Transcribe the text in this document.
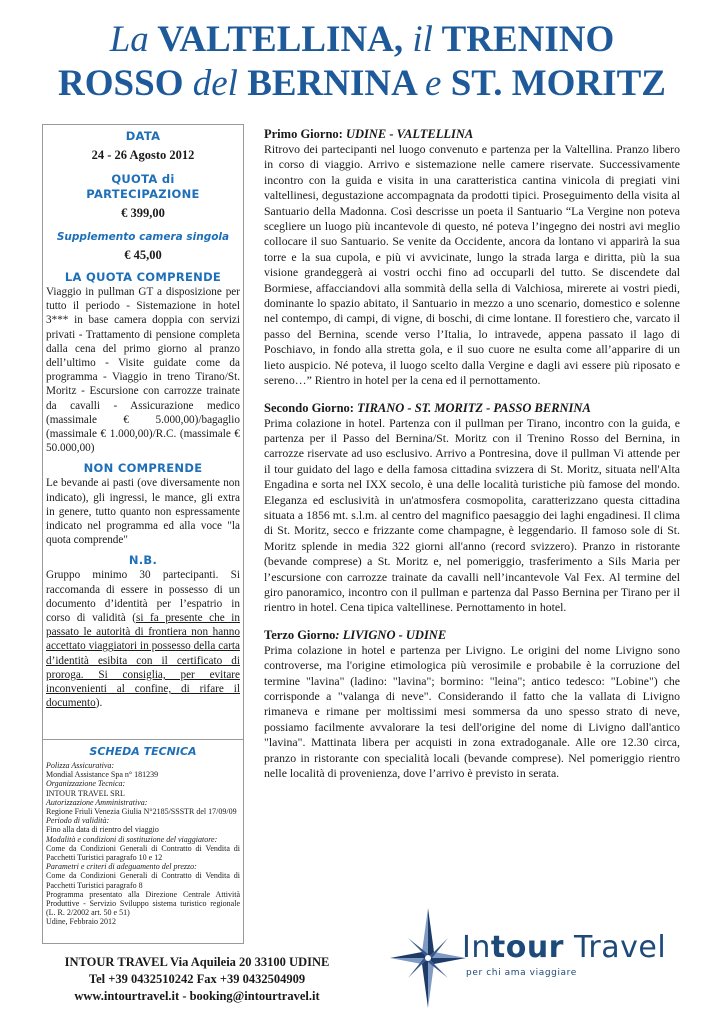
La VALTELLINA, il TRENINO
ROSSO del BERNINA e ST. MORITZ
DATA
24 - 26 Agosto 2012
QUOTA di PARTECIPAZIONE
€ 399,00
Supplemento camera singola
€ 45,00
LA QUOTA COMPRENDE
Viaggio in pullman GT a disposizione per tutto il periodo - Sistemazione in hotel 3*** in base camera doppia con servizi privati - Trattamento di pensione completa dalla cena del primo giorno al pranzo dell’ultimo - Visite guidate come da programma - Viaggio in treno Tirano/St. Moritz - Escursione con carrozze trainate da cavalli - Assicurazione medico (massimale € 5.000,00)/bagaglio (massimale € 1.000,00)/R.C. (massimale € 50.000,00)
NON COMPRENDE
Le bevande ai pasti (ove diversamente non indicato), gli ingressi, le mance, gli extra in genere, tutto quanto non espressamente indicato nel programma ed alla voce "la quota comprende"
N.B.
Gruppo minimo 30 partecipanti. Si raccomanda di essere in possesso di un documento d’identità per l’espatrio in corso di validità (si fa presente che in passato le autorità di frontiera non hanno accettato viaggiatori in possesso della carta d’identità esibita con il certificato di proroga. Si consiglia, per evitare inconvenienti al confine, di rifare il documento).
SCHEDA TECNICA
Polizza Assicurativa:
Mondial Assistance Spa n° 181239
Organizzazione Tecnica:
INTOUR TRAVEL SRL
Autorizzazione Amministrativa:
Regione Friuli Venezia Giulia N°2185/SSSTR del 17/09/09
Periodo di validità:
Fino alla data di rientro del viaggio
Modalità e condizioni di sostituzione del viaggiatore:
Come da Condizioni Generali di Contratto di Vendita di Pacchetti Turistici paragrafo 10 e 12
Parametri e criteri di adeguamento del prezzo:
Come da Condizioni Generali di Contratto di Vendita di Pacchetti Turistici paragrafo 8
Programma presentato alla Direzione Centrale Attività Produttive - Servizio Sviluppo sistema turistico regionale (L. R. 2/2002 art. 50 e 51)
Udine, Febbraio 2012
Primo Giorno: UDINE - VALTELLINA
Ritrovo dei partecipanti nel luogo convenuto e partenza per la Valtellina. Pranzo libero in corso di viaggio. Arrivo e sistemazione nelle camere riservate. Successivamente incontro con la guida e visita in una caratteristica cantina vinicola di pregiati vini valtellinesi, degustazione accompagnata da prodotti tipici. Proseguimento della visita al Santuario della Madonna. Così descrisse un poeta il Santuario “La Vergine non poteva scegliere un luogo più incantevole di questo, né poteva l’ingegno dei nostri avi meglio collocare il suo Santuario. Se venite da Occidente, ancora da lontano vi apparirà la sua torre e la sua cupola, e più vi avvicinate, lungo la strada larga e diritta, più la sua visione grandeggerà ai vostri occhi fino ad occuparli del tutto. Se discendete dal Bormiese, affacciandovi alla sommità della sella di Valchiosa, mirerete ai vostri piedi, dominante lo spazio abitato, il Santuario in mezzo a uno scenario, domestico e solenne nel contempo, di campi, di vigne, di boschi, di cime lontane. Il forestiero che, varcato il passo del Bernina, scende verso l’Italia, lo intravede, appena passato il lago di Poschiavo, in fondo alla stretta gola, e il suo cuore ne esulta come all’apparire di un lieto auspicio. Né poteva, il luogo scelto dalla Vergine e dagli avi essere più riposato e sereno…” Rientro in hotel per la cena ed il pernottamento.
Secondo Giorno: TIRANO - ST. MORITZ - PASSO BERNINA
Prima colazione in hotel. Partenza con il pullman per Tirano, incontro con la guida, e partenza per il Passo del Bernina/St. Moritz con il Trenino Rosso del Bernina, in carrozze riservate ad uso esclusivo. Arrivo a Pontresina, dove il pullman Vi attende per il tour guidato del lago e della famosa cittadina svizzera di St. Moritz, situata nell'Alta Engadina e sorta nel IXX secolo, è una delle località turistiche più famose del mondo. Eleganza ed esclusività in un'atmosfera cosmopolita, caratterizzano questa cittadina situata a 1856 mt. s.l.m. al centro del magnifico paesaggio dei laghi engadinesi. Il clima di St. Moritz, secco e frizzante come champagne, è leggendario. Il famoso sole di St. Moritz splende in media 322 giorni all'anno (record svizzero). Pranzo in ristorante (bevande comprese) a St. Moritz e, nel pomeriggio, trasferimento a Sils Maria per l’escursione con carrozze trainate da cavalli nell’incantevole Val Fex. Al termine del giro panoramico, incontro con il pullman e partenza dal Passo Bernina per Tirano per il rientro in hotel. Cena tipica valtellinese. Pernottamento in hotel.
Terzo Giorno: LIVIGNO - UDINE
Prima colazione in hotel e partenza per Livigno. Le origini del nome Livigno sono controverse, ma l'origine etimologica più verosimile e probabile è la corruzione del termine "lavina" (ladino: "lavina"; bormino: "leina"; antico tedesco: "Lobine") che corrisponde a "valanga di neve". Considerando il fatto che la vallata di Livigno rimaneva e rimane per moltissimi mesi sommersa da uno spesso strato di neve, possiamo facilmente avvalorare la tesi dell'origine del nome di Livigno dall'antico "lavina". Mattinata libera per acquisti in zona extradoganale. Alle ore 12.30 circa, pranzo in ristorante con specialità locali (bevande comprese). Nel pomeriggio rientro nelle località di provenienza, dove l’arrivo è previsto in serata.
INTOUR TRAVEL Via Aquileia 20 33100 UDINE
Tel +39 0432510242 Fax +39 0432504909
www.intourtravel.it - booking@intourtravel.it
Intour Travel
per chi ama viaggiare
